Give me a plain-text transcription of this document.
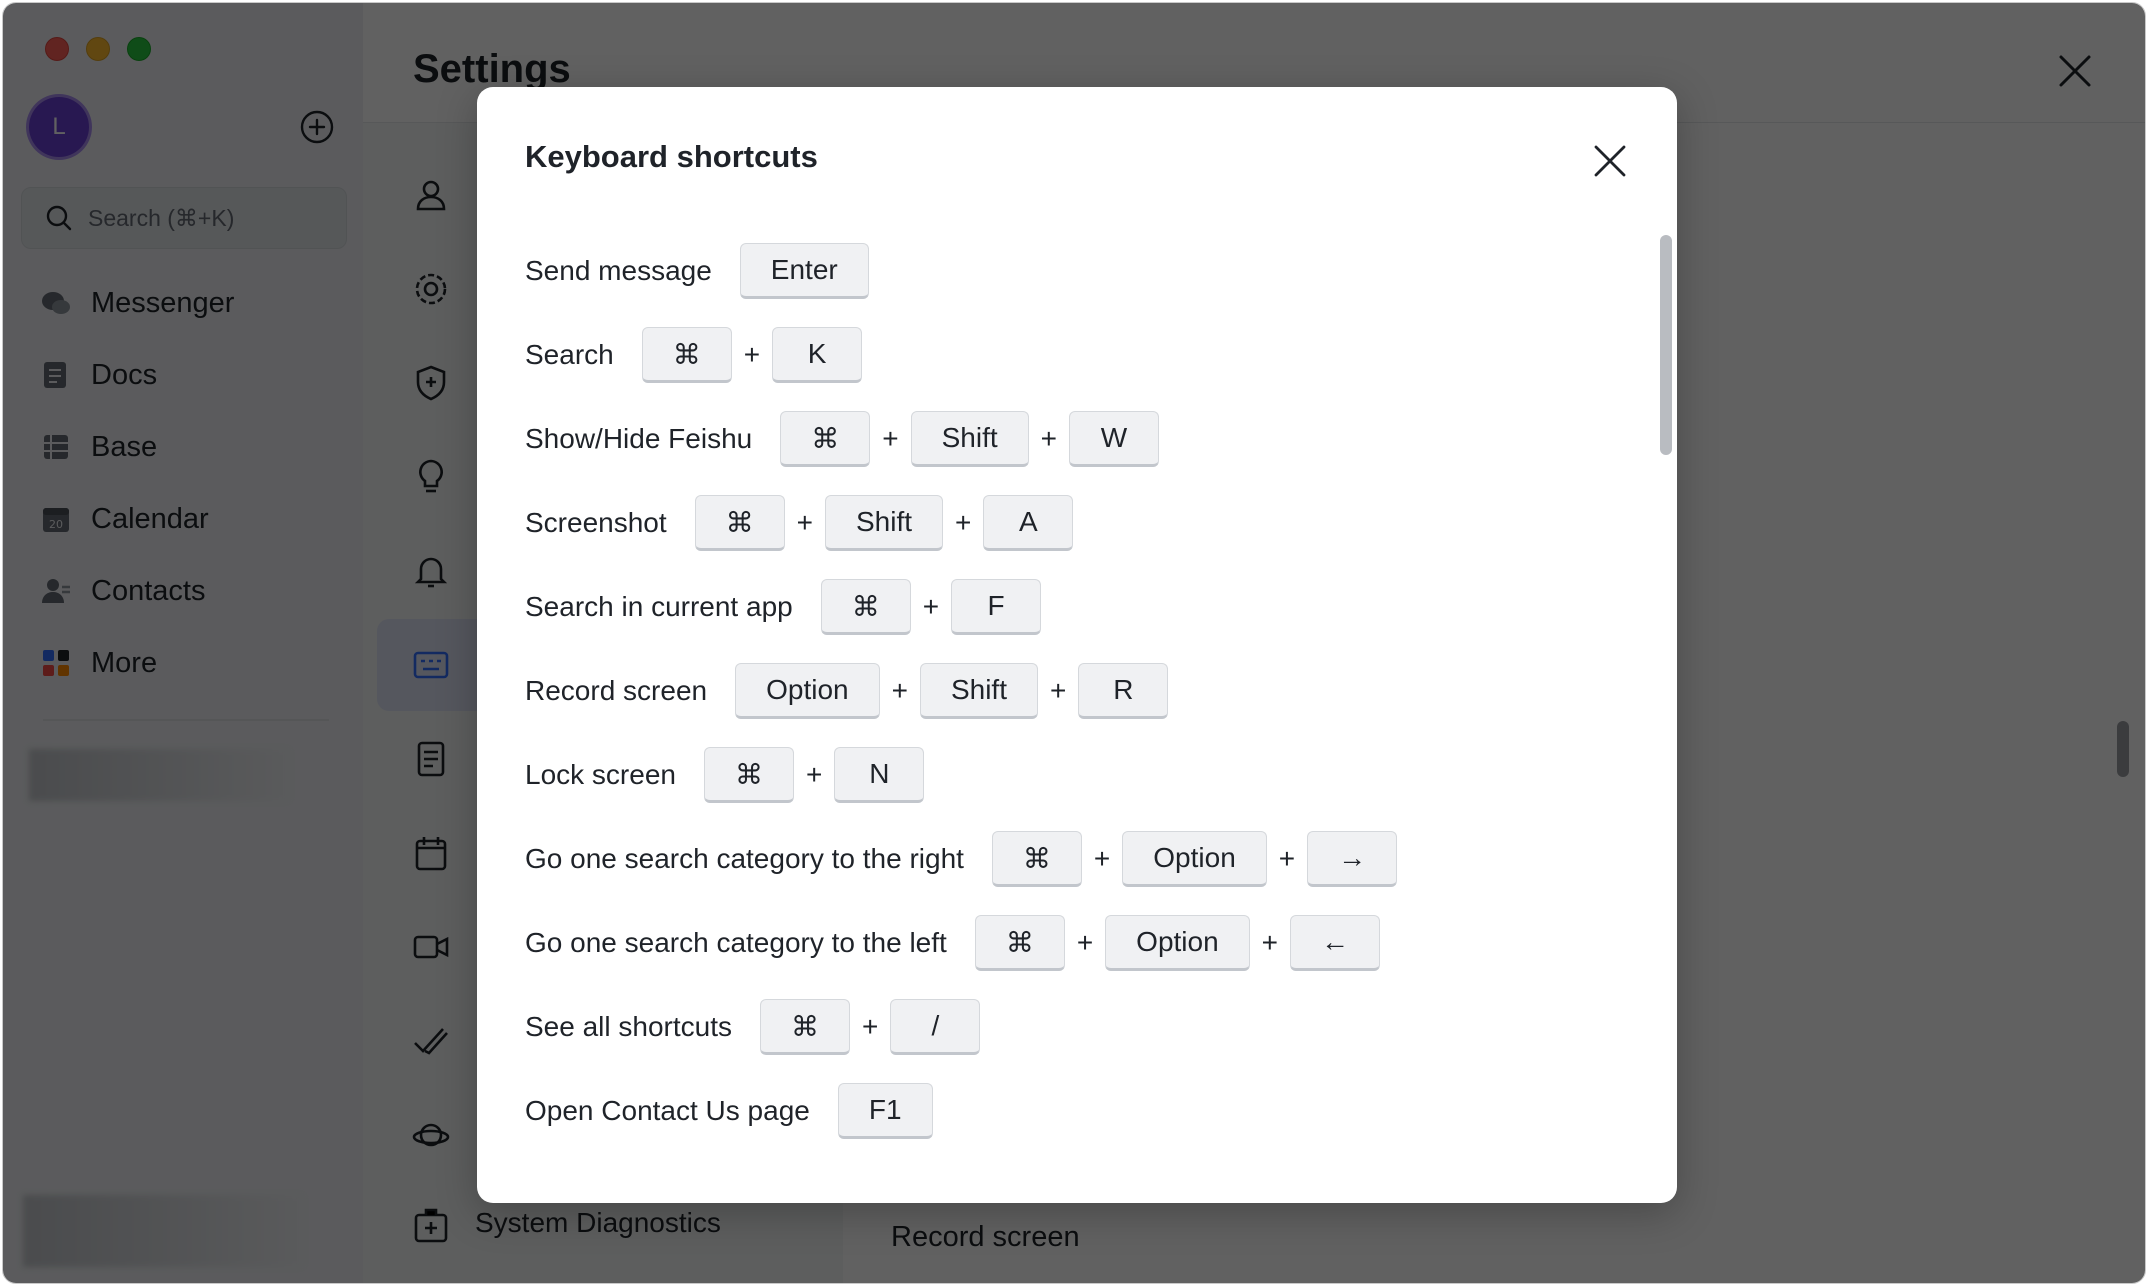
Keyboard shortcuts
Send message	Enter
Search	⌘	+	K
Show/Hide Feishu	⌘	+	Shift	+	W
Screenshot	⌘	+	Shift	+	A
Search in current app	⌘	+	F
Record screen	Option	+	Shift	+	R
Lock screen	⌘	+	N
Go one search category to the right	⌘	+	Option	+	→
Go one search category to the left	⌘	+	Option	+	←
See all shortcuts	⌘	+	/
Open Contact Us page	F1
